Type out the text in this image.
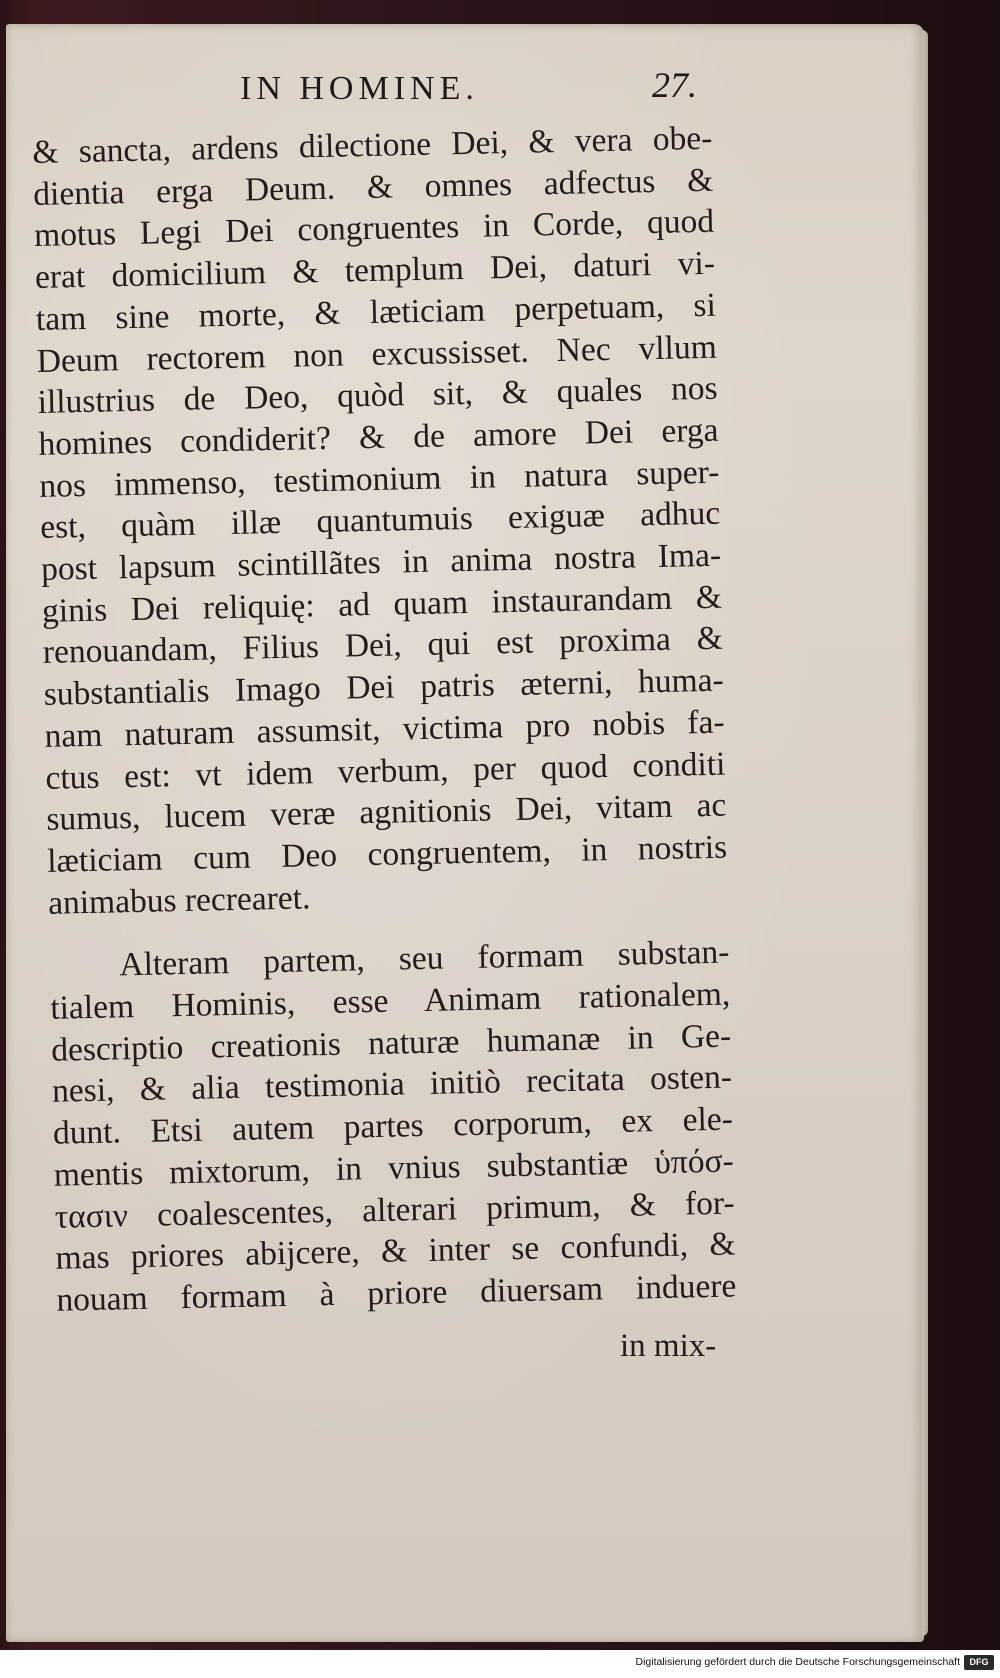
IN HOMINE.	27.
& sancta, ardens dilectione Dei, & vera obe-
dientia erga Deum. & omnes adfectus &
motus Legi Dei congruentes in Corde, quod
erat domicilium & templum Dei, daturi vi-
tam sine morte, & læticiam perpetuam, si
Deum rectorem non excussisset. Nec vllum
illustrius de Deo, quòd sit, & quales nos
homines condiderit? & de amore Dei erga
nos immenso, testimonium in natura super-
est, quàm illæ quantumuis exiguæ adhuc
post lapsum scintillãtes in anima nostra Ima-
ginis Dei reliquię: ad quam instaurandam &
renouandam, Filius Dei, qui est proxima &
substantialis Imago Dei patris æterni, huma-
nam naturam assumsit, victima pro nobis fa-
ctus est: vt idem verbum, per quod conditi
sumus, lucem veræ agnitionis Dei, vitam ac
læticiam cum Deo congruentem, in nostris
animabus recrearet.
Alteram partem, seu formam substan-
tialem Hominis, esse Animam rationalem,
descriptio creationis naturæ humanæ in Ge-
nesi, & alia testimonia initiò recitata osten-
dunt. Etsi autem partes corporum, ex ele-
mentis mixtorum, in vnius substantiæ ὑπόσ-
τασιν coalescentes, alterari primum, & for-
mas priores abijcere, & inter se confundi, &
nouam formam à priore diuersam induere
in mix-
Digitalisierung gefördert durch die Deutsche Forschungsgemeinschaft	DFG
